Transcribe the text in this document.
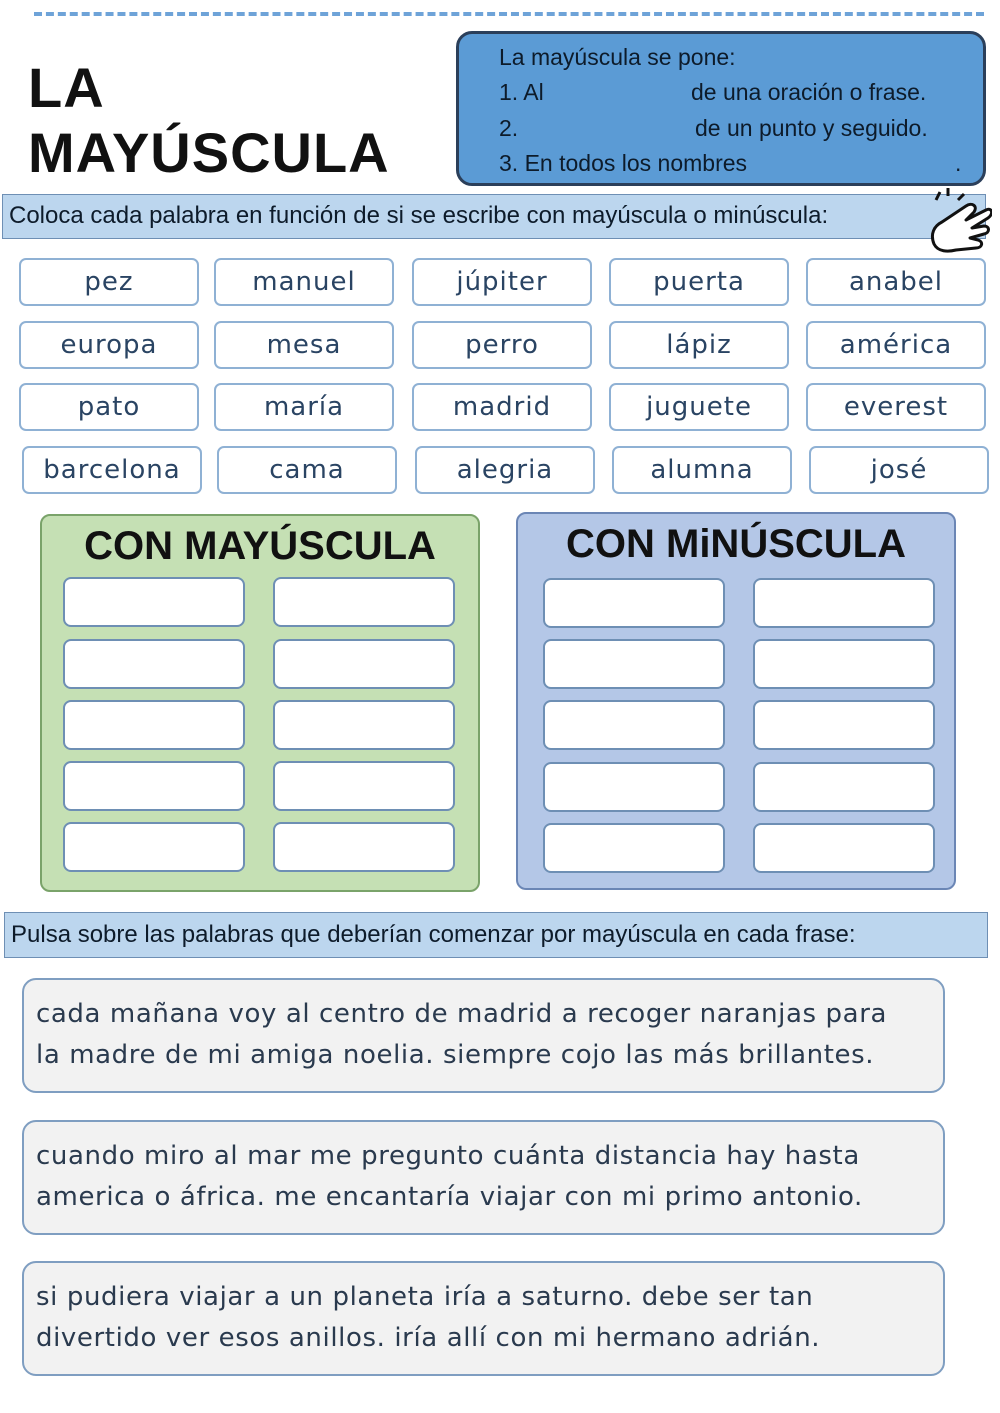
LA MAYÚSCULA
La mayúscula se pone:
1. Al	de una oración o frase.
2.	de un punto y seguido.
3. En todos los nombres	.
Coloca cada palabra en función de si se escribe con mayúscula o minúscula:
pez	manuel	júpiter	puerta	anabel
europa	mesa	perro	lápiz	américa
pato	maría	madrid	juguete	everest
barcelona	cama	alegria	alumna	josé
CON MAYÚSCULA	CON MiNÚSCULA
Pulsa sobre las palabras que deberían comenzar por mayúscula en cada frase:
cada mañana voy al centro de madrid a recoger naranjas para
la madre de mi amiga noelia. siempre cojo las más brillantes.
cuando miro al mar me pregunto cuánta distancia hay hasta
america o áfrica. me encantaría viajar con mi primo antonio.
si pudiera viajar a un planeta iría a saturno. debe ser tan
divertido ver esos anillos. iría allí con mi hermano adrián.
